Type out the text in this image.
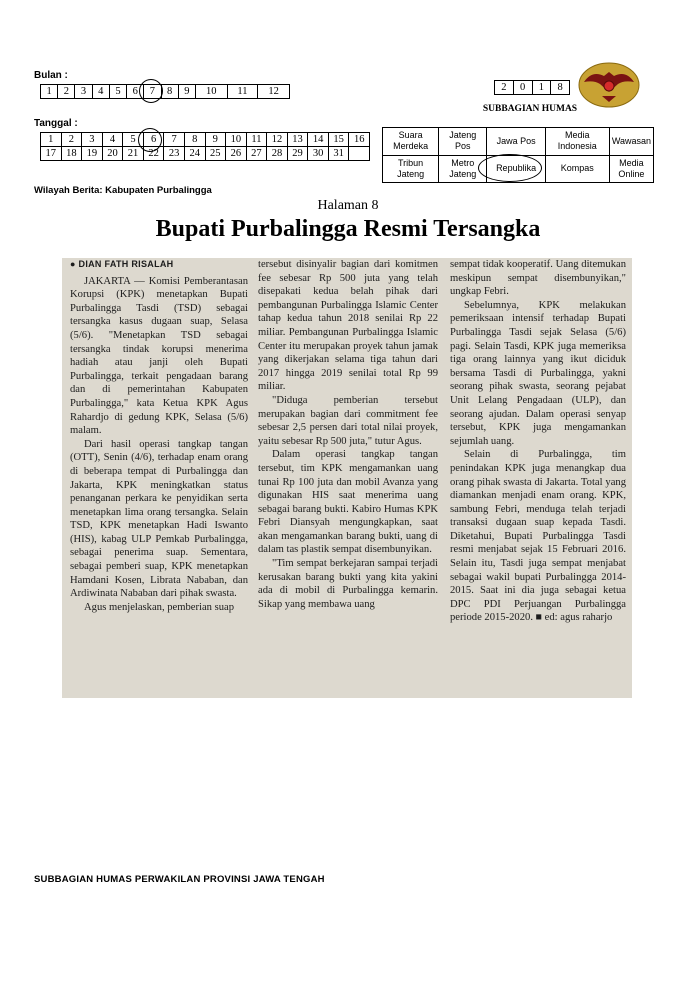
Bulan :
1	2	3	4	5	6	7	8	9	10	11	12
Tanggal :
1	2	3	4	5	6	7	8	9	10	11	12	13	14	15	16
17	18	19	20	21	22	23	24	25	26	27	28	29	30	31	
2	0	1	8
SUBBAGIAN HUMAS
Suara Merdeka	Jateng Pos	Jawa Pos	Media Indonesia	Wawasan
Tribun Jateng	Metro Jateng	Republika	Kompas	Media Online
Wilayah Berita: Kabupaten Purbalingga
Halaman 8
Bupati Purbalingga Resmi Tersangka
● DIAN FATH RISALAH

JAKARTA — Komisi Pemberantasan Korupsi (KPK) menetapkan Bupati Purbalingga Tasdi (TSD) sebagai tersangka kasus dugaan suap, Selasa (5/6). "Menetapkan TSD sebagai tersangka tindak korupsi menerima hadiah atau janji oleh Bupati Purbalingga, terkait pengadaan barang dan di pemerintahan Kabupaten Purbalingga," kata Ketua KPK Agus Rahardjo di gedung KPK, Selasa (5/6) malam.

Dari hasil operasi tangkap tangan (OTT), Senin (4/6), terhadap enam orang di beberapa tempat di Purbalingga dan Jakarta, KPK meningkatkan status penanganan perkara ke penyidikan serta menetapkan lima orang tersangka. Selain TSD, KPK menetapkan Hadi Iswanto (HIS), kabag ULP Pemkab Purbalingga, sebagai penerima suap. Sementara, sebagai pemberi suap, KPK menetapkan Hamdani Kosen, Librata Nababan, dan Ardiwinata Nababan dari pihak swasta.

Agus menjelaskan, pemberian suap

tersebut disinyalir bagian dari komitmen fee sebesar Rp 500 juta yang telah disepakati kedua belah pihak dari pembangunan Purbalingga Islamic Center tahap kedua tahun 2018 senilai Rp 22 miliar. Pembangunan Purbalingga Islamic Center itu merupakan proyek tahun jamak yang dikerjakan selama tiga tahun dari 2017 hingga 2019 senilai total Rp 99 miliar.

"Diduga pemberian tersebut merupakan bagian dari commitment fee sebesar 2,5 persen dari total nilai proyek, yaitu sebesar Rp 500 juta," tutur Agus.

Dalam operasi tangkap tangan tersebut, tim KPK mengamankan uang tunai Rp 100 juta dan mobil Avanza yang digunakan HIS saat menerima uang sebagai barang bukti. Kabiro Humas KPK Febri Diansyah mengungkapkan, saat akan mengamankan barang bukti, uang di dalam tas plastik sempat disembunyikan.

"Tim sempat berkejaran sampai terjadi kerusakan barang bukti yang kita yakini ada di mobil di Purbalingga kemarin. Sikap yang membawa uang

sempat tidak kooperatif. Uang ditemukan meskipun sempat disembunyikan," ungkap Febri.

Sebelumnya, KPK melakukan pemeriksaan intensif terhadap Bupati Purbalingga Tasdi sejak Selasa (5/6) pagi. Selain Tasdi, KPK juga memeriksa tiga orang lainnya yang ikut diciduk bersama Tasdi di Purbalingga, yakni seorang pihak swasta, seorang pejabat Unit Lelang Pengadaan (ULP), dan seorang ajudan. Dalam operasi senyap tersebut, KPK juga mengamankan sejumlah uang.

Selain di Purbalingga, tim penindakan KPK juga menangkap dua orang pihak swasta di Jakarta. Total yang diamankan menjadi enam orang. KPK, sambung Febri, menduga telah terjadi transaksi dugaan suap kepada Tasdi. Diketahui, Bupati Purbalingga Tasdi resmi menjabat sejak 15 Februari 2016. Selain itu, Tasdi juga sempat menjabat sebagai wakil bupati Purbalingga 2014-2015. Saat ini dia juga sebagai ketua DPC PDI Perjuangan Purbalingga periode 2015-2020. ■ ed: agus raharjo

SUBBAGIAN HUMAS PERWAKILAN PROVINSI JAWA TENGAH
